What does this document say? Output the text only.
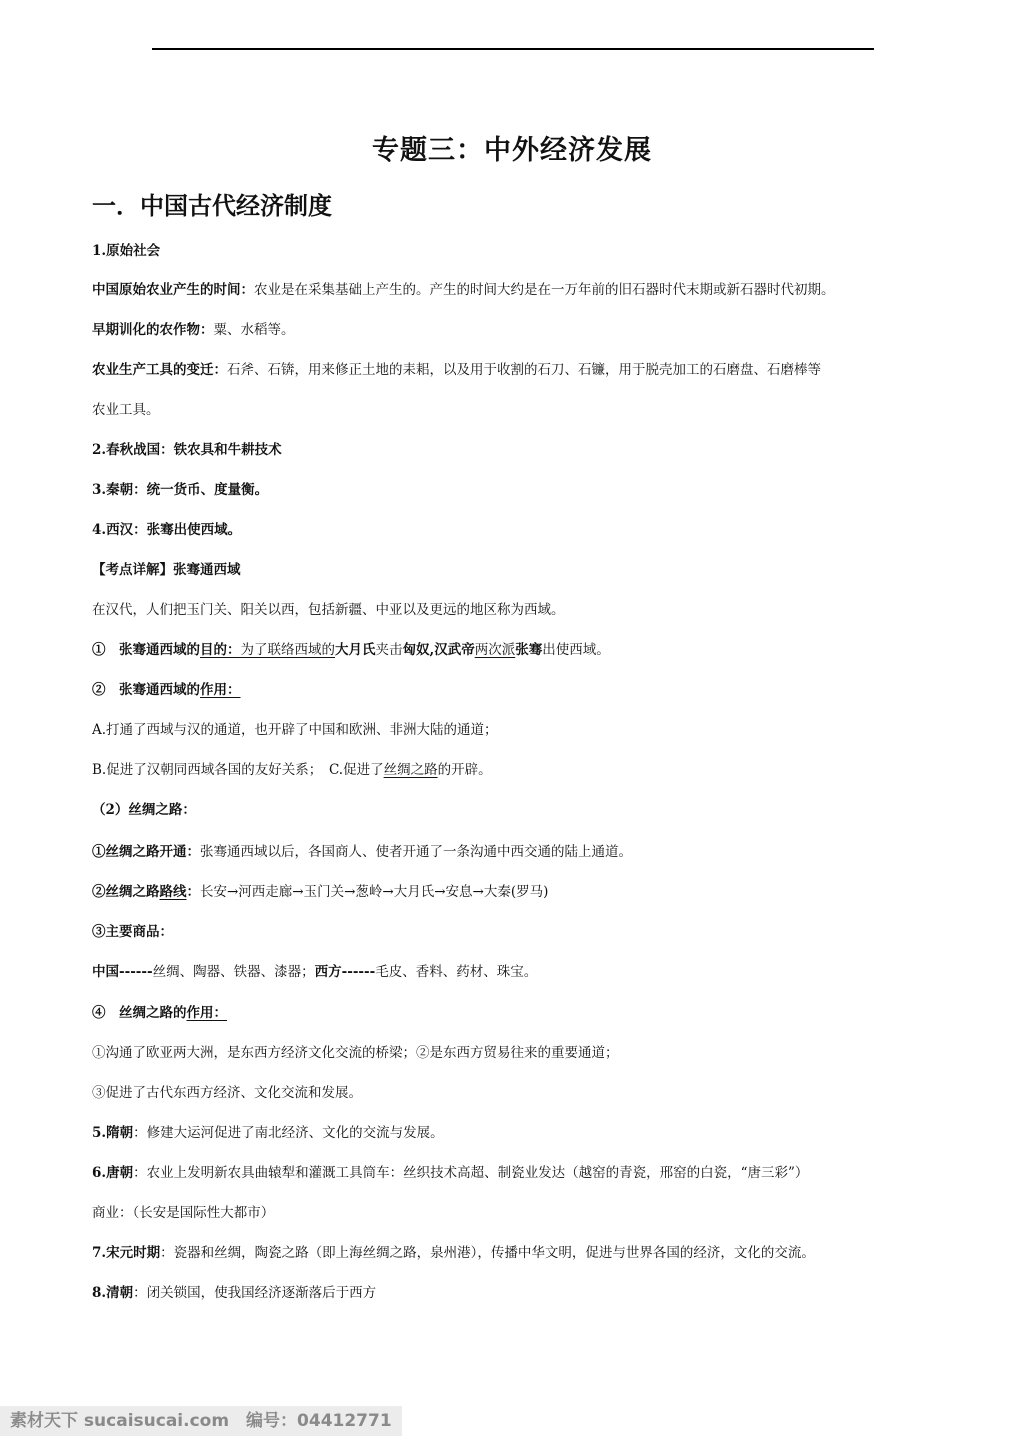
专题三：中外经济发展
一．中国古代经济制度
1.原始社会
中国原始农业产生的时间：农业是在采集基础上产生的。产生的时间大约是在一万年前的旧石器时代末期或新石器时代初期。
早期训化的农作物：粟、水稻等。
农业生产工具的变迁：石斧、石锛，用来修正土地的耒耜，以及用于收割的石刀、石镰，用于脱壳加工的石磨盘、石磨棒等
农业工具。
2.春秋战国：铁农具和牛耕技术
3.秦朝：统一货币、度量衡。
4.西汉：张骞出使西域。
【考点详解】张骞通西域
在汉代，人们把玉门关、阳关以西，包括新疆、中亚以及更远的地区称为西域。
①　张骞通西域的目的：为了联络西域的大月氏夹击匈奴,汉武帝两次派张骞出使西域。
②　张骞通西域的作用：
A.打通了西域与汉的通道，也开辟了中国和欧洲、非洲大陆的通道；
B.促进了汉朝同西域各国的友好关系；　C.促进了丝绸之路的开辟。
（2）丝绸之路：
①丝绸之路开通：张骞通西域以后，各国商人、使者开通了一条沟通中西交通的陆上通道。
②丝绸之路路线：长安→河西走廊→玉门关→葱岭→大月氏→安息→大秦(罗马)
③主要商品：
中国------丝绸、陶器、铁器、漆器；西方------毛皮、香料、药材、珠宝。
④　丝绸之路的作用：
①沟通了欧亚两大洲，是东西方经济文化交流的桥梁；②是东西方贸易往来的重要通道；
③促进了古代东西方经济、文化交流和发展。
5.隋朝：修建大运河促进了南北经济、文化的交流与发展。
6.唐朝：农业上发明新农具曲辕犁和灌溉工具筒车：丝织技术高超、制瓷业发达（越窑的青瓷，邢窑的白瓷，“唐三彩”）
商业：（长安是国际性大都市）
7.宋元时期：瓷器和丝绸，陶瓷之路（即上海丝绸之路，泉州港），传播中华文明，促进与世界各国的经济，文化的交流。
8.清朝：闭关锁国，使我国经济逐渐落后于西方
素材天下 sucaisucai.com　编号：04412771
